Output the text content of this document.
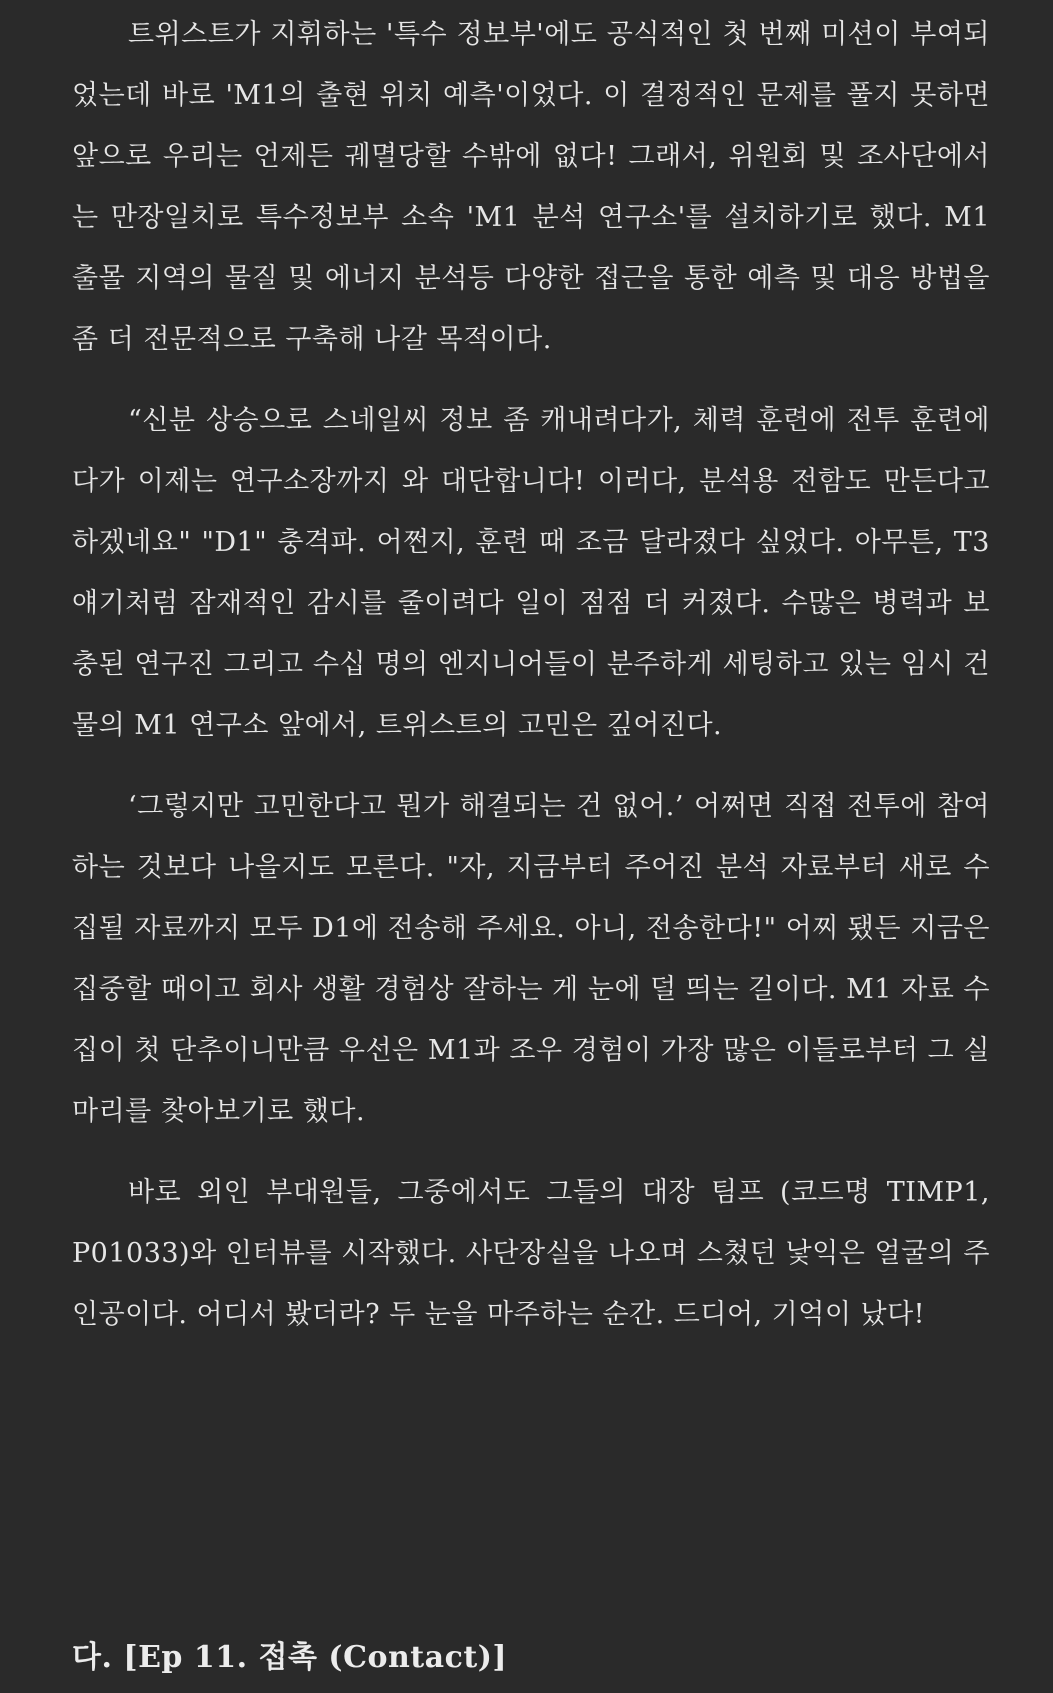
트위스트가 지휘하는 '특수 정보부'에도 공식적인 첫 번째 미션이 부여되었는데 바로 'M1의 출현 위치 예측'이었다. 이 결정적인 문제를 풀지 못하면 앞으로 우리는 언제든 궤멸당할 수밖에 없다! 그래서, 위원회 및 조사단에서는 만장일치로 특수정보부 소속 'M1 분석 연구소'를 설치하기로 했다. M1 출몰 지역의 물질 및 에너지 분석등 다양한 접근을 통한 예측 및 대응 방법을 좀 더 전문적으로 구축해 나갈 목적이다.

“신분 상승으로 스네일씨 정보 좀 캐내려다가, 체력 훈련에 전투 훈련에다가 이제는 연구소장까지 와 대단합니다! 이러다, 분석용 전함도 만든다고 하겠네요" "D1" 충격파. 어쩐지, 훈련 때 조금 달라졌다 싶었다. 아무튼, T3 얘기처럼 잠재적인 감시를 줄이려다 일이 점점 더 커졌다. 수많은 병력과 보충된 연구진 그리고 수십 명의 엔지니어들이 분주하게 세팅하고 있는 임시 건물의 M1 연구소 앞에서, 트위스트의 고민은 깊어진다.

‘그렇지만 고민한다고 뭔가 해결되는 건 없어.’ 어쩌면 직접 전투에 참여하는 것보다 나을지도 모른다. "자, 지금부터 주어진 분석 자료부터 새로 수집될 자료까지 모두 D1에 전송해 주세요. 아니, 전송한다!" 어찌 됐든 지금은 집중할 때이고 회사 생활 경험상 잘하는 게 눈에 덜 띄는 길이다. M1 자료 수집이 첫 단추이니만큼 우선은 M1과 조우 경험이 가장 많은 이들로부터 그 실마리를 찾아보기로 했다.

바로 외인 부대원들, 그중에서도 그들의 대장 팀프 (코드명 TIMP1, P01033)와 인터뷰를 시작했다. 사단장실을 나오며 스쳤던 낯익은 얼굴의 주인공이다. 어디서 봤더라? 두 눈을 마주하는 순간. 드디어, 기억이 났다!

다. [Ep 11. 접촉 (Contact)]
